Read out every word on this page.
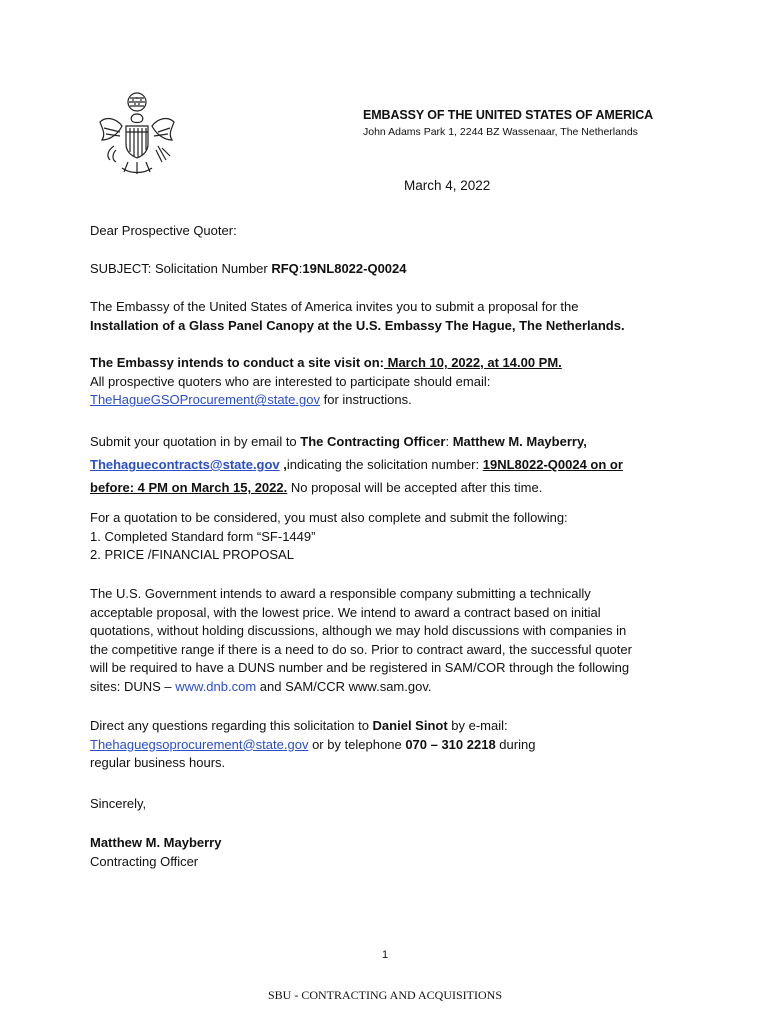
EMBASSY OF THE UNITED STATES OF AMERICA

John Adams Park 1, 2244 BZ Wassenaar, The Netherlands

March 4, 2022
Dear Prospective Quoter:
SUBJECT: Solicitation Number RFQ:19NL8022-Q0024

The Embassy of the United States of America invites you to submit a proposal for the

Installation of a Glass Panel Canopy at the U.S. Embassy The Hague, The Netherlands.

The Embassy intends to conduct a site visit on: March 10, 2022, at 14.00 PM.

All prospective quoters who are interested to participate should email:

TheHagueGSOProcurement@state.gov for instructions.

Submit your quotation in by email to The Contracting Officer: Matthew M. Mayberry,

Thehaguecontracts@state.gov ,indicating the solicitation number: 19NL8022-Q0024 on or

before: 4 PM on March 15, 2022. No proposal will be accepted after this time.

For a quotation to be considered, you must also complete and submit the following:

1. Completed Standard form “SF-1449”

2. PRICE /FINANCIAL PROPOSAL

The U.S. Government intends to award a responsible company submitting a technically

acceptable proposal, with the lowest price. We intend to award a contract based on initial

quotations, without holding discussions, although we may hold discussions with companies in

the competitive range if there is a need to do so. Prior to contract award, the successful quoter

will be required to have a DUNS number and be registered in SAM/COR through the following

sites: DUNS – www.dnb.com and SAM/CCR www.sam.gov.

Direct any questions regarding this solicitation to Daniel Sinot by e-mail:

Thehaguegsoprocurement@state.gov or by telephone 070 – 310 2218 during

regular business hours.

Sincerely,

Matthew M. Mayberry

Contracting Officer

1
SBU - CONTRACTING AND ACQUISITIONS
